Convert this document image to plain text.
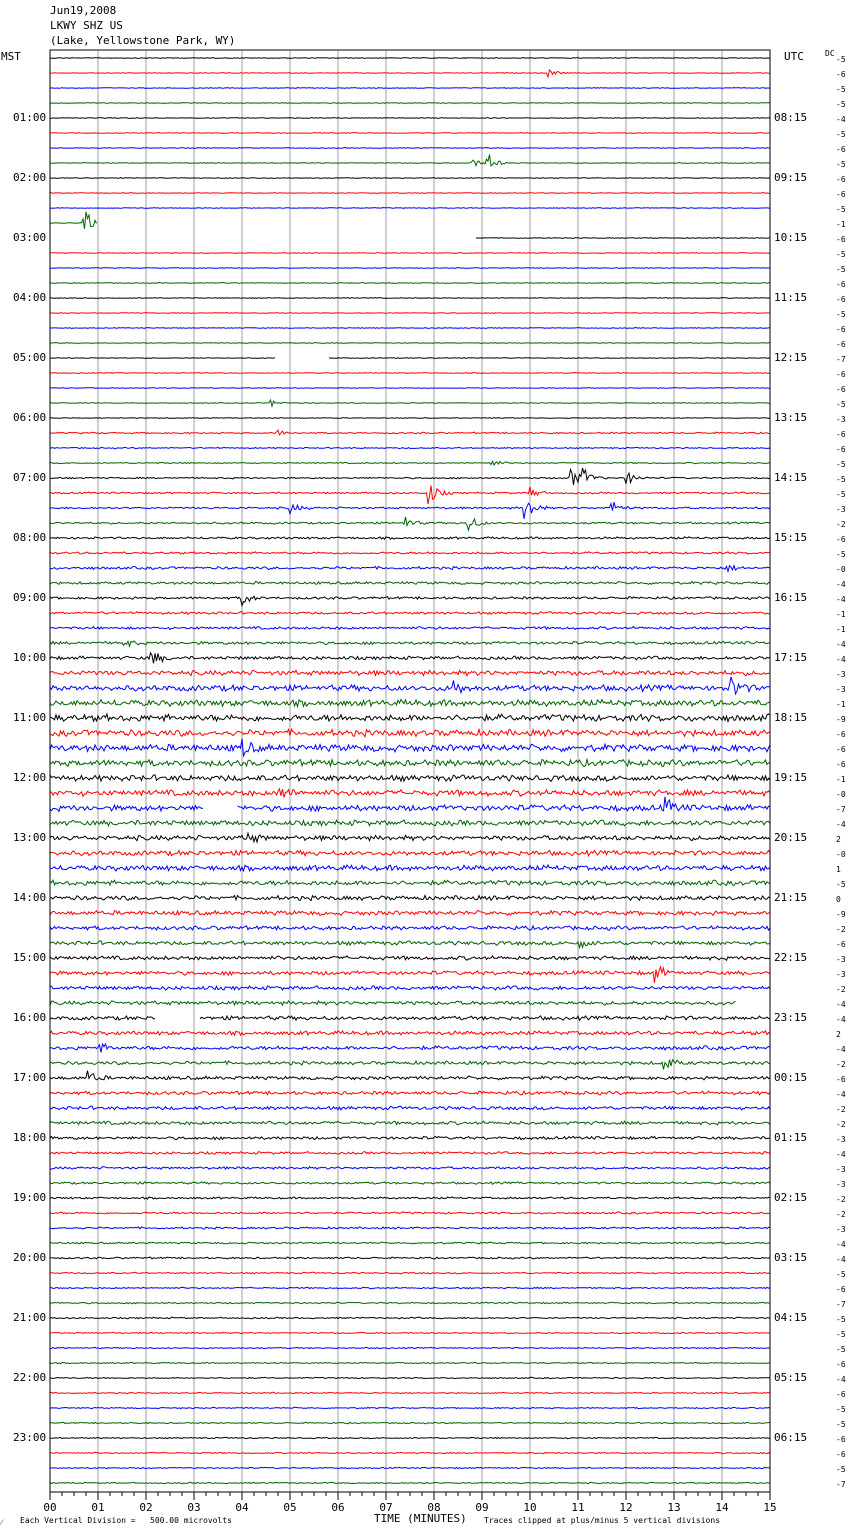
00	01	02	03	04	05	06	07	08	09	10	11	12	13	14	15
Jun19,2008
LKWY SHZ US
(Lake, Yellowstone Park, WY)
MST	UTC	DC
01:00
02:00
03:00
04:00
05:00
06:00
07:00
08:00
09:00
10:00
11:00
12:00
13:00
14:00
15:00
16:00
17:00
18:00
19:00
20:00
21:00
22:00
23:00
08:15
09:15
10:15
11:15
12:15
13:15
14:15
15:15
16:15
17:15
18:15
19:15
20:15
21:15
22:15
23:15
00:15
01:15
02:15
03:15
04:15
05:15
06:15
-5
-6
-5
-5
-4
-5
-6
-5
-6
-6
-5
-1
-6
-5
-5
-6
-6
-5
-6
-6
-7
-6
-6
-5
-3
-6
-6
-5
-5
-5
-3
-2
-6
-5
-0
-4
-4
-1
-1
-4
-4
-3
-3
-1
-9
-6
-6
-6
-1
-0
-7
-4
2
-0
1
-5
0
-9
-2
-6
-3
-3
-2
-4
-4
2
-4
-2
-6
-4
-2
-2
-3
-4
-3
-3
-2
-2
-3
-4
-4
-5
-6
-7
-5
-5
-5
-6
-4
-6
-5
-5
-6
-6
-5
-7
⁄ Each Vertical Division =   500.00 microvolts	TIME (MINUTES) Traces clipped at plus/minus 5 vertical divisions
